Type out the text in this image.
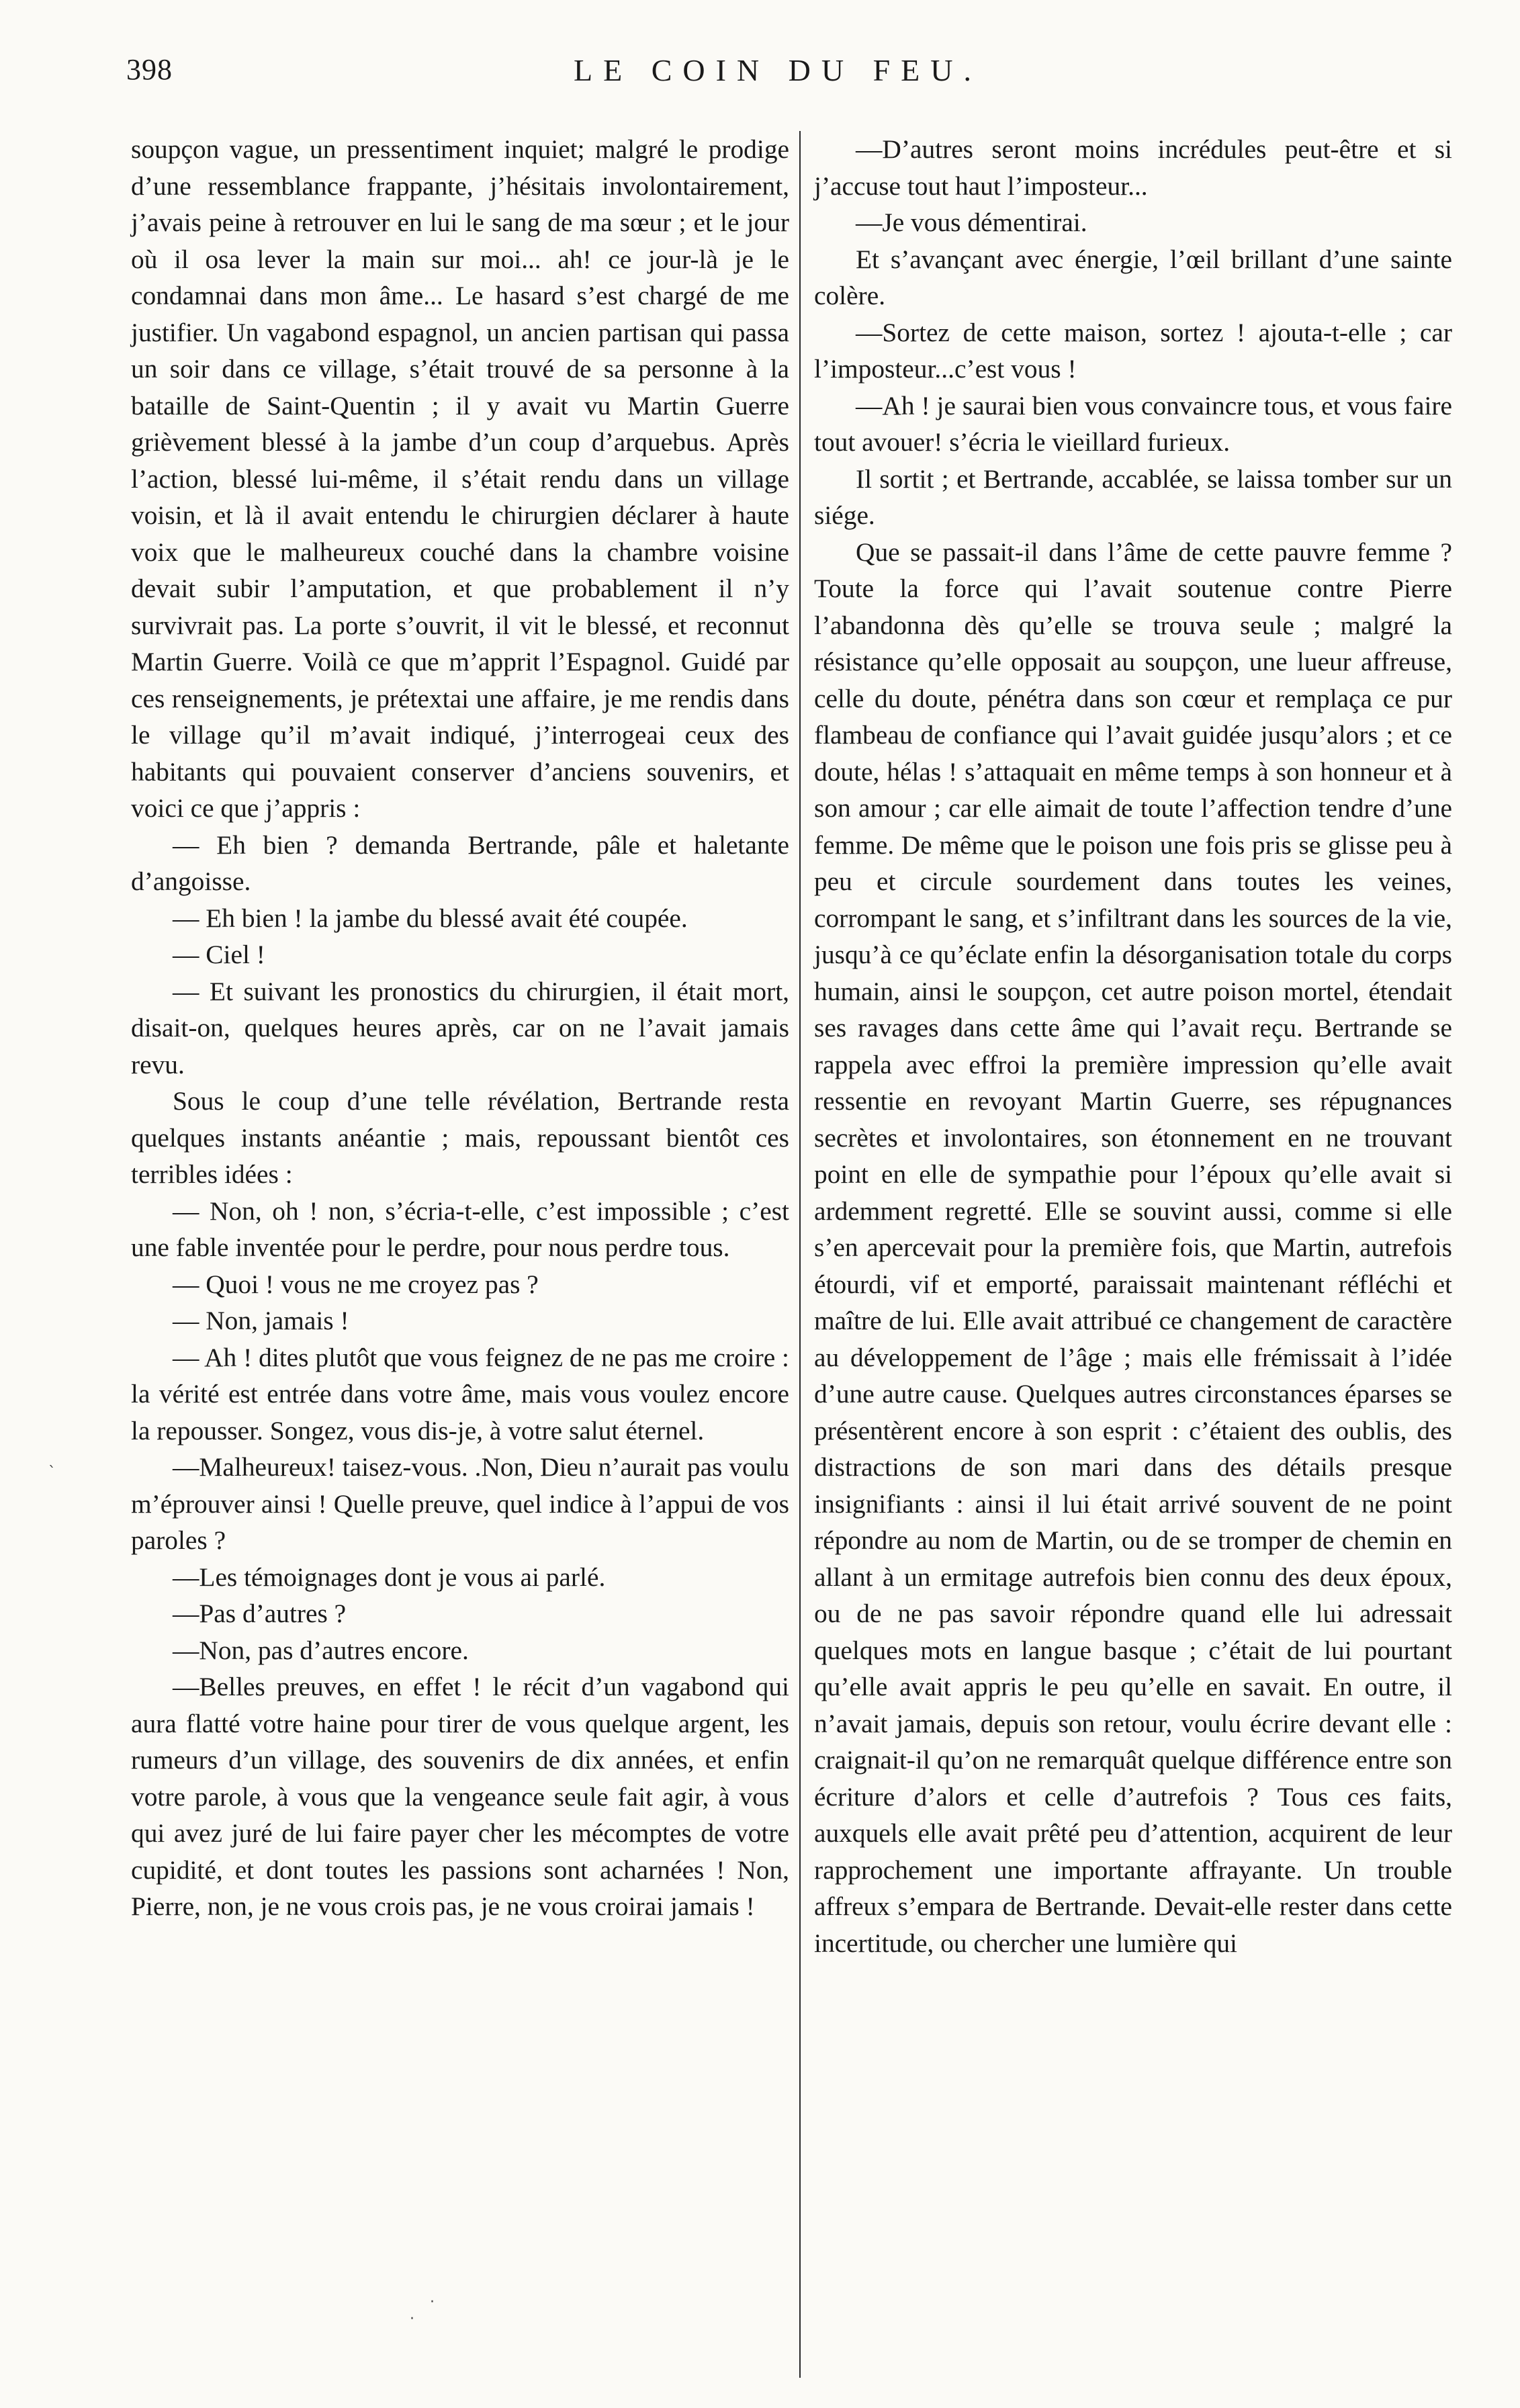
398	LE COIN DU FEU.

soupçon vague, un pressentiment inquiet; malgré le prodige d’une ressemblance frappante, j’hésitais involontairement, j’avais peine à retrouver en lui le sang de ma sœur ; et le jour où il osa lever la main sur moi... ah! ce jour-là je le condamnai dans mon âme... Le hasard s’est chargé de me justifier. Un vagabond espagnol, un ancien partisan qui passa un soir dans ce village, s’était trouvé de sa personne à la bataille de Saint-Quentin ; il y avait vu Martin Guerre grièvement blessé à la jambe d’un coup d’arquebus. Après l’action, blessé lui-même, il s’était rendu dans un village voisin, et là il avait entendu le chirurgien déclarer à haute voix que le malheureux couché dans la chambre voisine devait subir l’amputation, et que probablement il n’y survivrait pas. La porte s’ouvrit, il vit le blessé, et reconnut Martin Guerre. Voilà ce que m’apprit l’Espagnol. Guidé par ces renseignements, je prétextai une affaire, je me rendis dans le village qu’il m’avait indiqué, j’interrogeai ceux des habitants qui pouvaient conserver d’anciens souvenirs, et voici ce que j’appris :

— Eh bien ? demanda Bertrande, pâle et haletante d’angoisse.

— Eh bien ! la jambe du blessé avait été coupée.

— Ciel !

— Et suivant les pronostics du chirurgien, il était mort, disait-on, quelques heures après, car on ne l’avait jamais revu.

Sous le coup d’une telle révélation, Bertrande resta quelques instants anéantie ; mais, repoussant bientôt ces terribles idées :

— Non, oh ! non, s’écria-t-elle, c’est impossible ; c’est une fable inventée pour le perdre, pour nous perdre tous.

— Quoi ! vous ne me croyez pas ?

— Non, jamais !

— Ah ! dites plutôt que vous feignez de ne pas me croire : la vérité est entrée dans votre âme, mais vous voulez encore la repousser. Songez, vous dis-je, à votre salut éternel.

—Malheureux! taisez-vous. .Non, Dieu n’aurait pas voulu m’éprouver ainsi ! Quelle preuve, quel indice à l’appui de vos paroles ?

—Les témoignages dont je vous ai parlé.

—Pas d’autres ?

—Non, pas d’autres encore.

—Belles preuves, en effet ! le récit d’un vagabond qui aura flatté votre haine pour tirer de vous quelque argent, les rumeurs d’un village, des souvenirs de dix années, et enfin votre parole, à vous que la vengeance seule fait agir, à vous qui avez juré de lui faire payer cher les mécomptes de votre cupidité, et dont toutes les passions sont acharnées ! Non, Pierre, non, je ne vous crois pas, je ne vous croirai jamais !

—D’autres seront moins incrédules peut-être et si j’accuse tout haut l’imposteur...

—Je vous démentirai.

Et s’avançant avec énergie, l’œil brillant d’une sainte colère.

—Sortez de cette maison, sortez ! ajouta-t-elle ; car l’imposteur...c’est vous !

—Ah ! je saurai bien vous convaincre tous, et vous faire tout avouer! s’écria le vieillard furieux.

Il sortit ; et Bertrande, accablée, se laissa tomber sur un siége.

Que se passait-il dans l’âme de cette pauvre femme ? Toute la force qui l’avait soutenue contre Pierre l’abandonna dès qu’elle se trouva seule ; malgré la résistance qu’elle opposait au soupçon, une lueur affreuse, celle du doute, pénétra dans son cœur et remplaça ce pur flambeau de confiance qui l’avait guidée jusqu’alors ; et ce doute, hélas ! s’attaquait en même temps à son honneur et à son amour ; car elle aimait de toute l’affection tendre d’une femme. De même que le poison une fois pris se glisse peu à peu et circule sourdement dans toutes les veines, corrompant le sang, et s’infiltrant dans les sources de la vie, jusqu’à ce qu’éclate enfin la désorganisation totale du corps humain, ainsi le soupçon, cet autre poison mortel, étendait ses ravages dans cette âme qui l’avait reçu. Bertrande se rappela avec effroi la première impression qu’elle avait ressentie en revoyant Martin Guerre, ses répugnances secrètes et involontaires, son étonnement en ne trouvant point en elle de sympathie pour l’époux qu’elle avait si ardemment regretté. Elle se souvint aussi, comme si elle s’en apercevait pour la première fois, que Martin, autrefois étourdi, vif et emporté, paraissait maintenant réfléchi et maître de lui. Elle avait attribué ce changement de caractère au développement de l’âge ; mais elle frémissait à l’idée d’une autre cause. Quelques autres circonstances éparses se présentèrent encore à son esprit : c’étaient des oublis, des distractions de son mari dans des détails presque insignifiants : ainsi il lui était arrivé souvent de ne point répondre au nom de Martin, ou de se tromper de chemin en allant à un ermitage autrefois bien connu des deux époux, ou de ne pas savoir répondre quand elle lui adressait quelques mots en langue basque ; c’était de lui pourtant qu’elle avait appris le peu qu’elle en savait. En outre, il n’avait jamais, depuis son retour, voulu écrire devant elle : craignait-il qu’on ne remarquât quelque différence entre son écriture d’alors et celle d’autrefois ? Tous ces faits, auxquels elle avait prêté peu d’attention, acquirent de leur rapprochement une importante affrayante. Un trouble affreux s’empara de Bertrande. Devait-elle rester dans cette incertitude, ou chercher une lumière qui

ˋ
·
·
